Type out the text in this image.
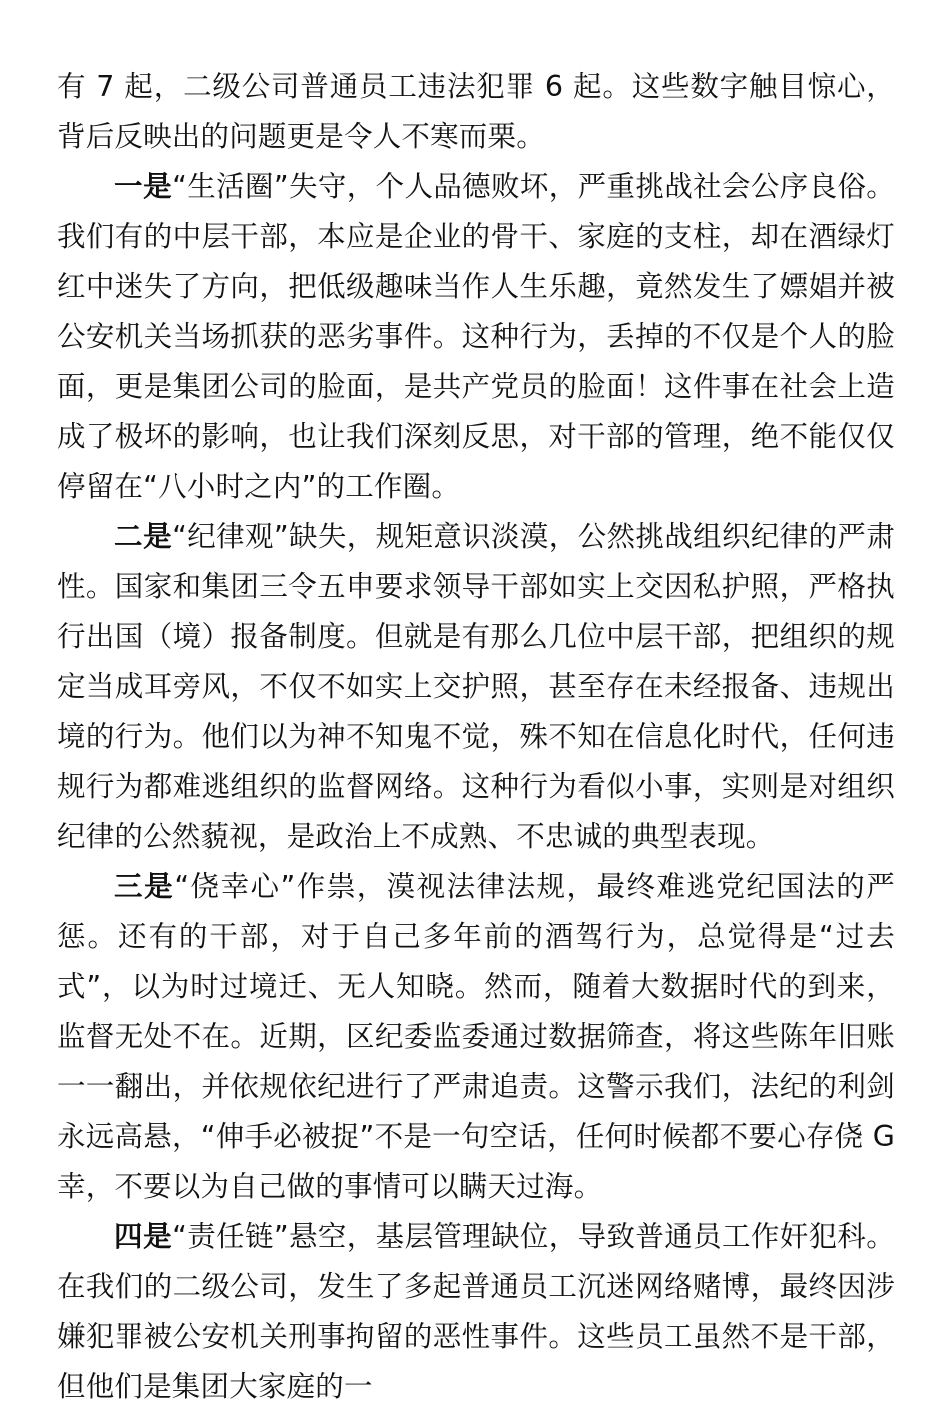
有 7 起，二级公司普通员工违法犯罪 6 起。这些数字触目惊心，背后反映出的问题更是令人不寒而栗。

一是“生活圈”失守，个人品德败坏，严重挑战社会公序良俗。我们有的中层干部，本应是企业的骨干、家庭的支柱，却在酒绿灯红中迷失了方向，把低级趣味当作人生乐趣，竟然发生了嫖娼并被公安机关当场抓获的恶劣事件。这种行为，丢掉的不仅是个人的脸面，更是集团公司的脸面，是共产党员的脸面！这件事在社会上造成了极坏的影响，也让我们深刻反思，对干部的管理，绝不能仅仅停留在“八小时之内”的工作圈。

二是“纪律观”缺失，规矩意识淡漠，公然挑战组织纪律的严肃性。国家和集团三令五申要求领导干部如实上交因私护照，严格执行出国（境）报备制度。但就是有那么几位中层干部，把组织的规定当成耳旁风，不仅不如实上交护照，甚至存在未经报备、违规出境的行为。他们以为神不知鬼不觉，殊不知在信息化时代，任何违规行为都难逃组织的监督网络。这种行为看似小事，实则是对组织纪律的公然藐视，是政治上不成熟、不忠诚的典型表现。

三是“侥幸心”作祟，漠视法律法规，最终难逃党纪国法的严惩。还有的干部，对于自己多年前的酒驾行为，总觉得是“过去式”，以为时过境迁、无人知晓。然而，随着大数据时代的到来，监督无处不在。近期，区纪委监委通过数据筛查，将这些陈年旧账一一翻出，并依规依纪进行了严肃追责。这警示我们，法纪的利剑永远高悬，“伸手必被捉”不是一句空话，任何时候都不要心存侥 G 幸，不要以为自己做的事情可以瞒天过海。

四是“责任链”悬空，基层管理缺位，导致普通员工作奸犯科。在我们的二级公司，发生了多起普通员工沉迷网络赌博，最终因涉嫌犯罪被公安机关刑事拘留的恶性事件。这些员工虽然不是干部，但他们是集团大家庭的一
